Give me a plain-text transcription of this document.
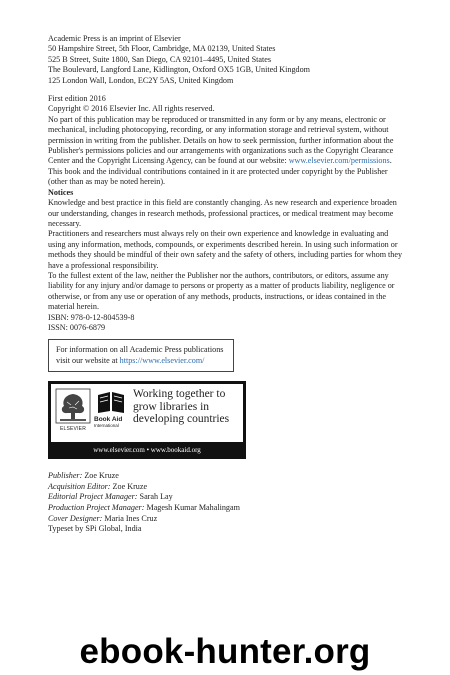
Academic Press is an imprint of Elsevier

50 Hampshire Street, 5th Floor, Cambridge, MA 02139, United States

525 B Street, Suite 1800, San Diego, CA 92101–4495, United States

The Boulevard, Langford Lane, Kidlington, Oxford OX5 1GB, United Kingdom

125 London Wall, London, EC2Y 5AS, United Kingdom

First edition 2016

Copyright © 2016 Elsevier Inc. All rights reserved.

No part of this publication may be reproduced or transmitted in any form or by any means, electronic or mechanical, including photocopying, recording, or any information storage and retrieval system, without permission in writing from the publisher. Details on how to seek permission, further information about the Publisher's permissions policies and our arrangements with organizations such as the Copyright Clearance Center and the Copyright Licensing Agency, can be found at our website: www.elsevier.com/permissions.

This book and the individual contributions contained in it are protected under copyright by the Publisher (other than as may be noted herein).

Notices

Knowledge and best practice in this field are constantly changing. As new research and experience broaden our understanding, changes in research methods, professional practices, or medical treatment may become necessary.

Practitioners and researchers must always rely on their own experience and knowledge in evaluating and using any information, methods, compounds, or experiments described herein. In using such information or methods they should be mindful of their own safety and the safety of others, including parties for whom they have a professional responsibility.

To the fullest extent of the law, neither the Publisher nor the authors, contributors, or editors, assume any liability for any injury and/or damage to persons or property as a matter of products liability, negligence or otherwise, or from any use or operation of any methods, products, instructions, or ideas contained in the material herein.

ISBN: 978-0-12-804539-8

ISSN: 0076-6879

For information on all Academic Press publications

visit our website at https://www.elsevier.com/

ELSEVIER
Book Aid
International
Working together to grow libraries in developing countries
www.elsevier.com • www.bookaid.org

Publisher: Zoe Kruze

Acquisition Editor: Zoe Kruze

Editorial Project Manager: Sarah Lay

Production Project Manager: Magesh Kumar Mahalingam

Cover Designer: Maria Ines Cruz

Typeset by SPi Global, India

ebook-hunter.org
